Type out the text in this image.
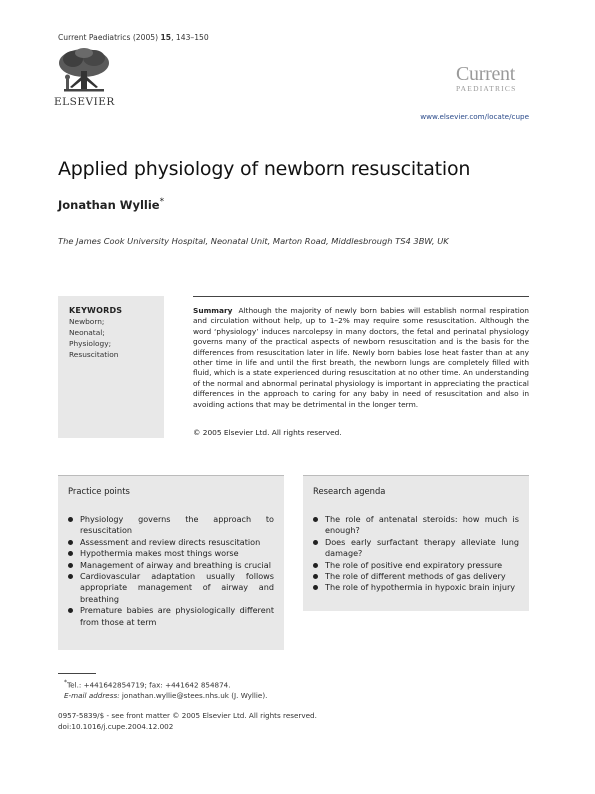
Current Paediatrics (2005) 15, 143–150
ELSEVIER
Current
PAEDIATRICS
www.elsevier.com/locate/cupe
Applied physiology of newborn resuscitation
Jonathan Wyllie*
The James Cook University Hospital, Neonatal Unit, Marton Road, Middlesbrough TS4 3BW, UK
KEYWORDS
Newborn;
Neonatal;
Physiology;
Resuscitation
Summary Although the majority of newly born babies will establish normal respiration and circulation without help, up to 1–2% may require some resuscitation. Although the word ‘physiology’ induces narcolepsy in many doctors, the fetal and perinatal physiology governs many of the practical aspects of newborn resuscitation and is the basis for the differences from resuscitation later in life. Newly born babies lose heat faster than at any other time in life and until the first breath, the newborn lungs are completely filled with fluid, which is a state experienced during resuscitation at no other time. An understanding of the normal and abnormal perinatal physiology is important in appreciating the practical differences in the approach to caring for any baby in need of resuscitation and also in avoiding actions that may be detrimental in the longer term.
© 2005 Elsevier Ltd. All rights reserved.
Practice points
Physiology governs the approach to resuscitation
Assessment and review directs resuscitation
Hypothermia makes most things worse
Management of airway and breathing is crucial
Cardiovascular adaptation usually follows appropriate management of airway and breathing
Premature babies are physiologically different from those at term
Research agenda
The role of antenatal steroids: how much is enough?
Does early surfactant therapy alleviate lung damage?
The role of positive end expiratory pressure
The role of different methods of gas delivery
The role of hypothermia in hypoxic brain injury
*Tel.: +441642854719; fax: +441642 854874.
E-mail address: jonathan.wyllie@stees.nhs.uk (J. Wyllie).
0957-5839/$ - see front matter © 2005 Elsevier Ltd. All rights reserved.
doi:10.1016/j.cupe.2004.12.002
